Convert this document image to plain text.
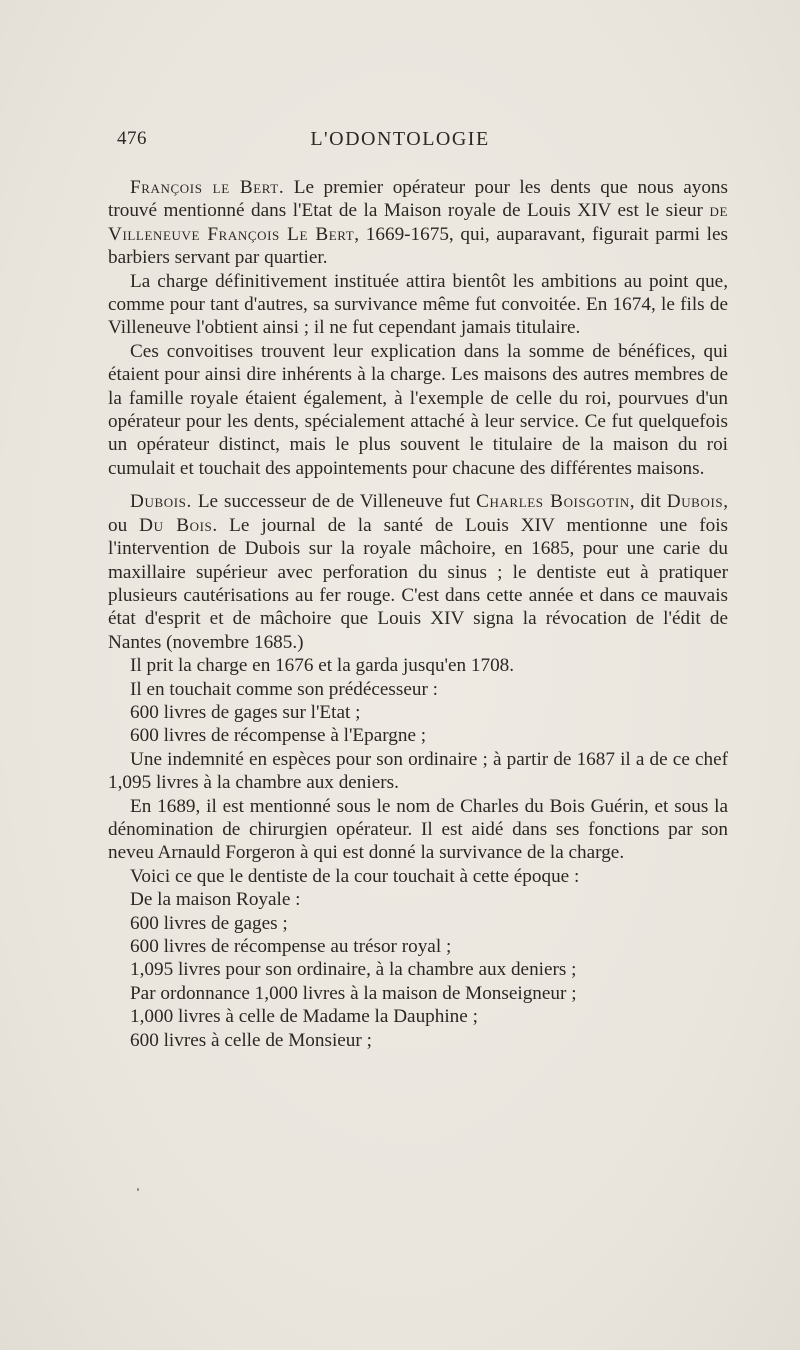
476	L'ODONTOLOGIE

François le Bert. Le premier opérateur pour les dents que nous ayons trouvé mentionné dans l'Etat de la Maison royale de Louis XIV est le sieur de Villeneuve François Le Bert, 1669-1675, qui, auparavant, figurait parmi les barbiers servant par quartier.

La charge définitivement instituée attira bientôt les ambitions au point que, comme pour tant d'autres, sa survivance même fut convoitée. En 1674, le fils de Villeneuve l'obtient ainsi ; il ne fut cependant jamais titulaire.

Ces convoitises trouvent leur explication dans la somme de bénéfices, qui étaient pour ainsi dire inhérents à la charge. Les maisons des autres membres de la famille royale étaient également, à l'exemple de celle du roi, pourvues d'un opérateur pour les dents, spécialement attaché à leur service. Ce fut quelquefois un opérateur distinct, mais le plus souvent le titulaire de la maison du roi cumulait et touchait des appointements pour chacune des différentes maisons.

Dubois. Le successeur de de Villeneuve fut Charles Boisgotin, dit Dubois, ou Du Bois. Le journal de la santé de Louis XIV mentionne une fois l'intervention de Dubois sur la royale mâchoire, en 1685, pour une carie du maxillaire supérieur avec perforation du sinus ; le dentiste eut à pratiquer plusieurs cautérisations au fer rouge. C'est dans cette année et dans ce mauvais état d'esprit et de mâchoire que Louis XIV signa la révocation de l'édit de Nantes (novembre 1685.)

Il prit la charge en 1676 et la garda jusqu'en 1708.

Il en touchait comme son prédécesseur :

600 livres de gages sur l'Etat ;

600 livres de récompense à l'Epargne ;

Une indemnité en espèces pour son ordinaire ; à partir de 1687 il a de ce chef 1,095 livres à la chambre aux deniers.

En 1689, il est mentionné sous le nom de Charles du Bois Guérin, et sous la dénomination de chirurgien opérateur. Il est aidé dans ses fonctions par son neveu Arnauld Forgeron à qui est donné la survivance de la charge.

Voici ce que le dentiste de la cour touchait à cette époque :

De la maison Royale :

600 livres de gages ;

600 livres de récompense au trésor royal ;

1,095 livres pour son ordinaire, à la chambre aux deniers ;

Par ordonnance 1,000 livres à la maison de Monseigneur ;

1,000 livres à celle de Madame la Dauphine ;

600 livres à celle de Monsieur ;
